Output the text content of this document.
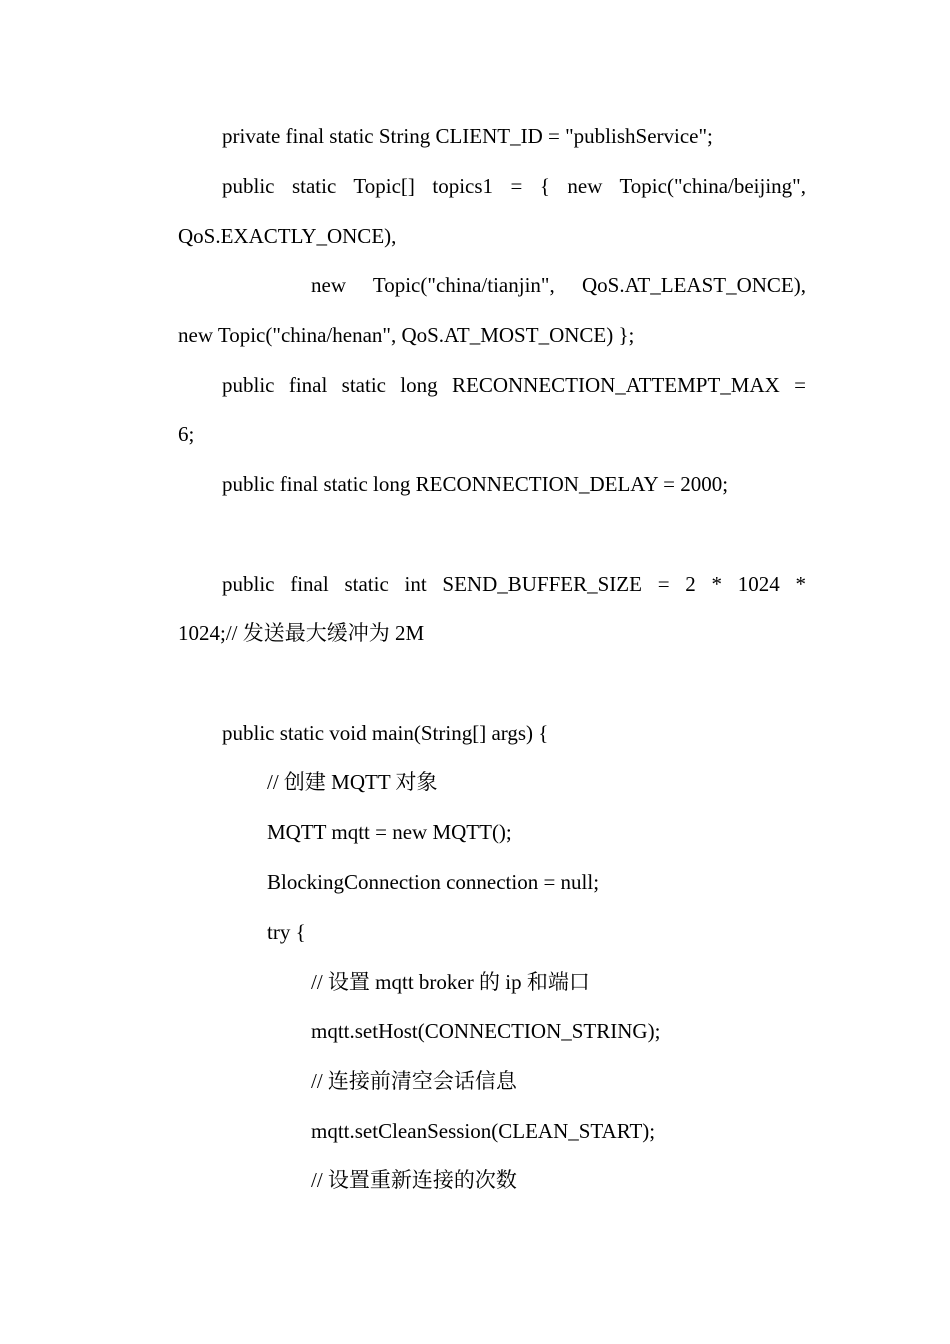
private final static String CLIENT_ID = "publishService";
public static Topic[] topics1 = { new Topic("china/beijing",
QoS.EXACTLY_ONCE),
new Topic("china/tianjin", QoS.AT_LEAST_ONCE),
new Topic("china/henan", QoS.AT_MOST_ONCE) };
public final static long RECONNECTION_ATTEMPT_MAX =
6;
public final static long RECONNECTION_DELAY = 2000;
public final static int SEND_BUFFER_SIZE = 2 * 1024 *
1024;// 发送最大缓冲为 2M
public static void main(String[] args) {
// 创建 MQTT 对象
MQTT mqtt = new MQTT();
BlockingConnection connection = null;
try {
// 设置 mqtt broker 的 ip 和端口
mqtt.setHost(CONNECTION_STRING);
// 连接前清空会话信息
mqtt.setCleanSession(CLEAN_START);
// 设置重新连接的次数
